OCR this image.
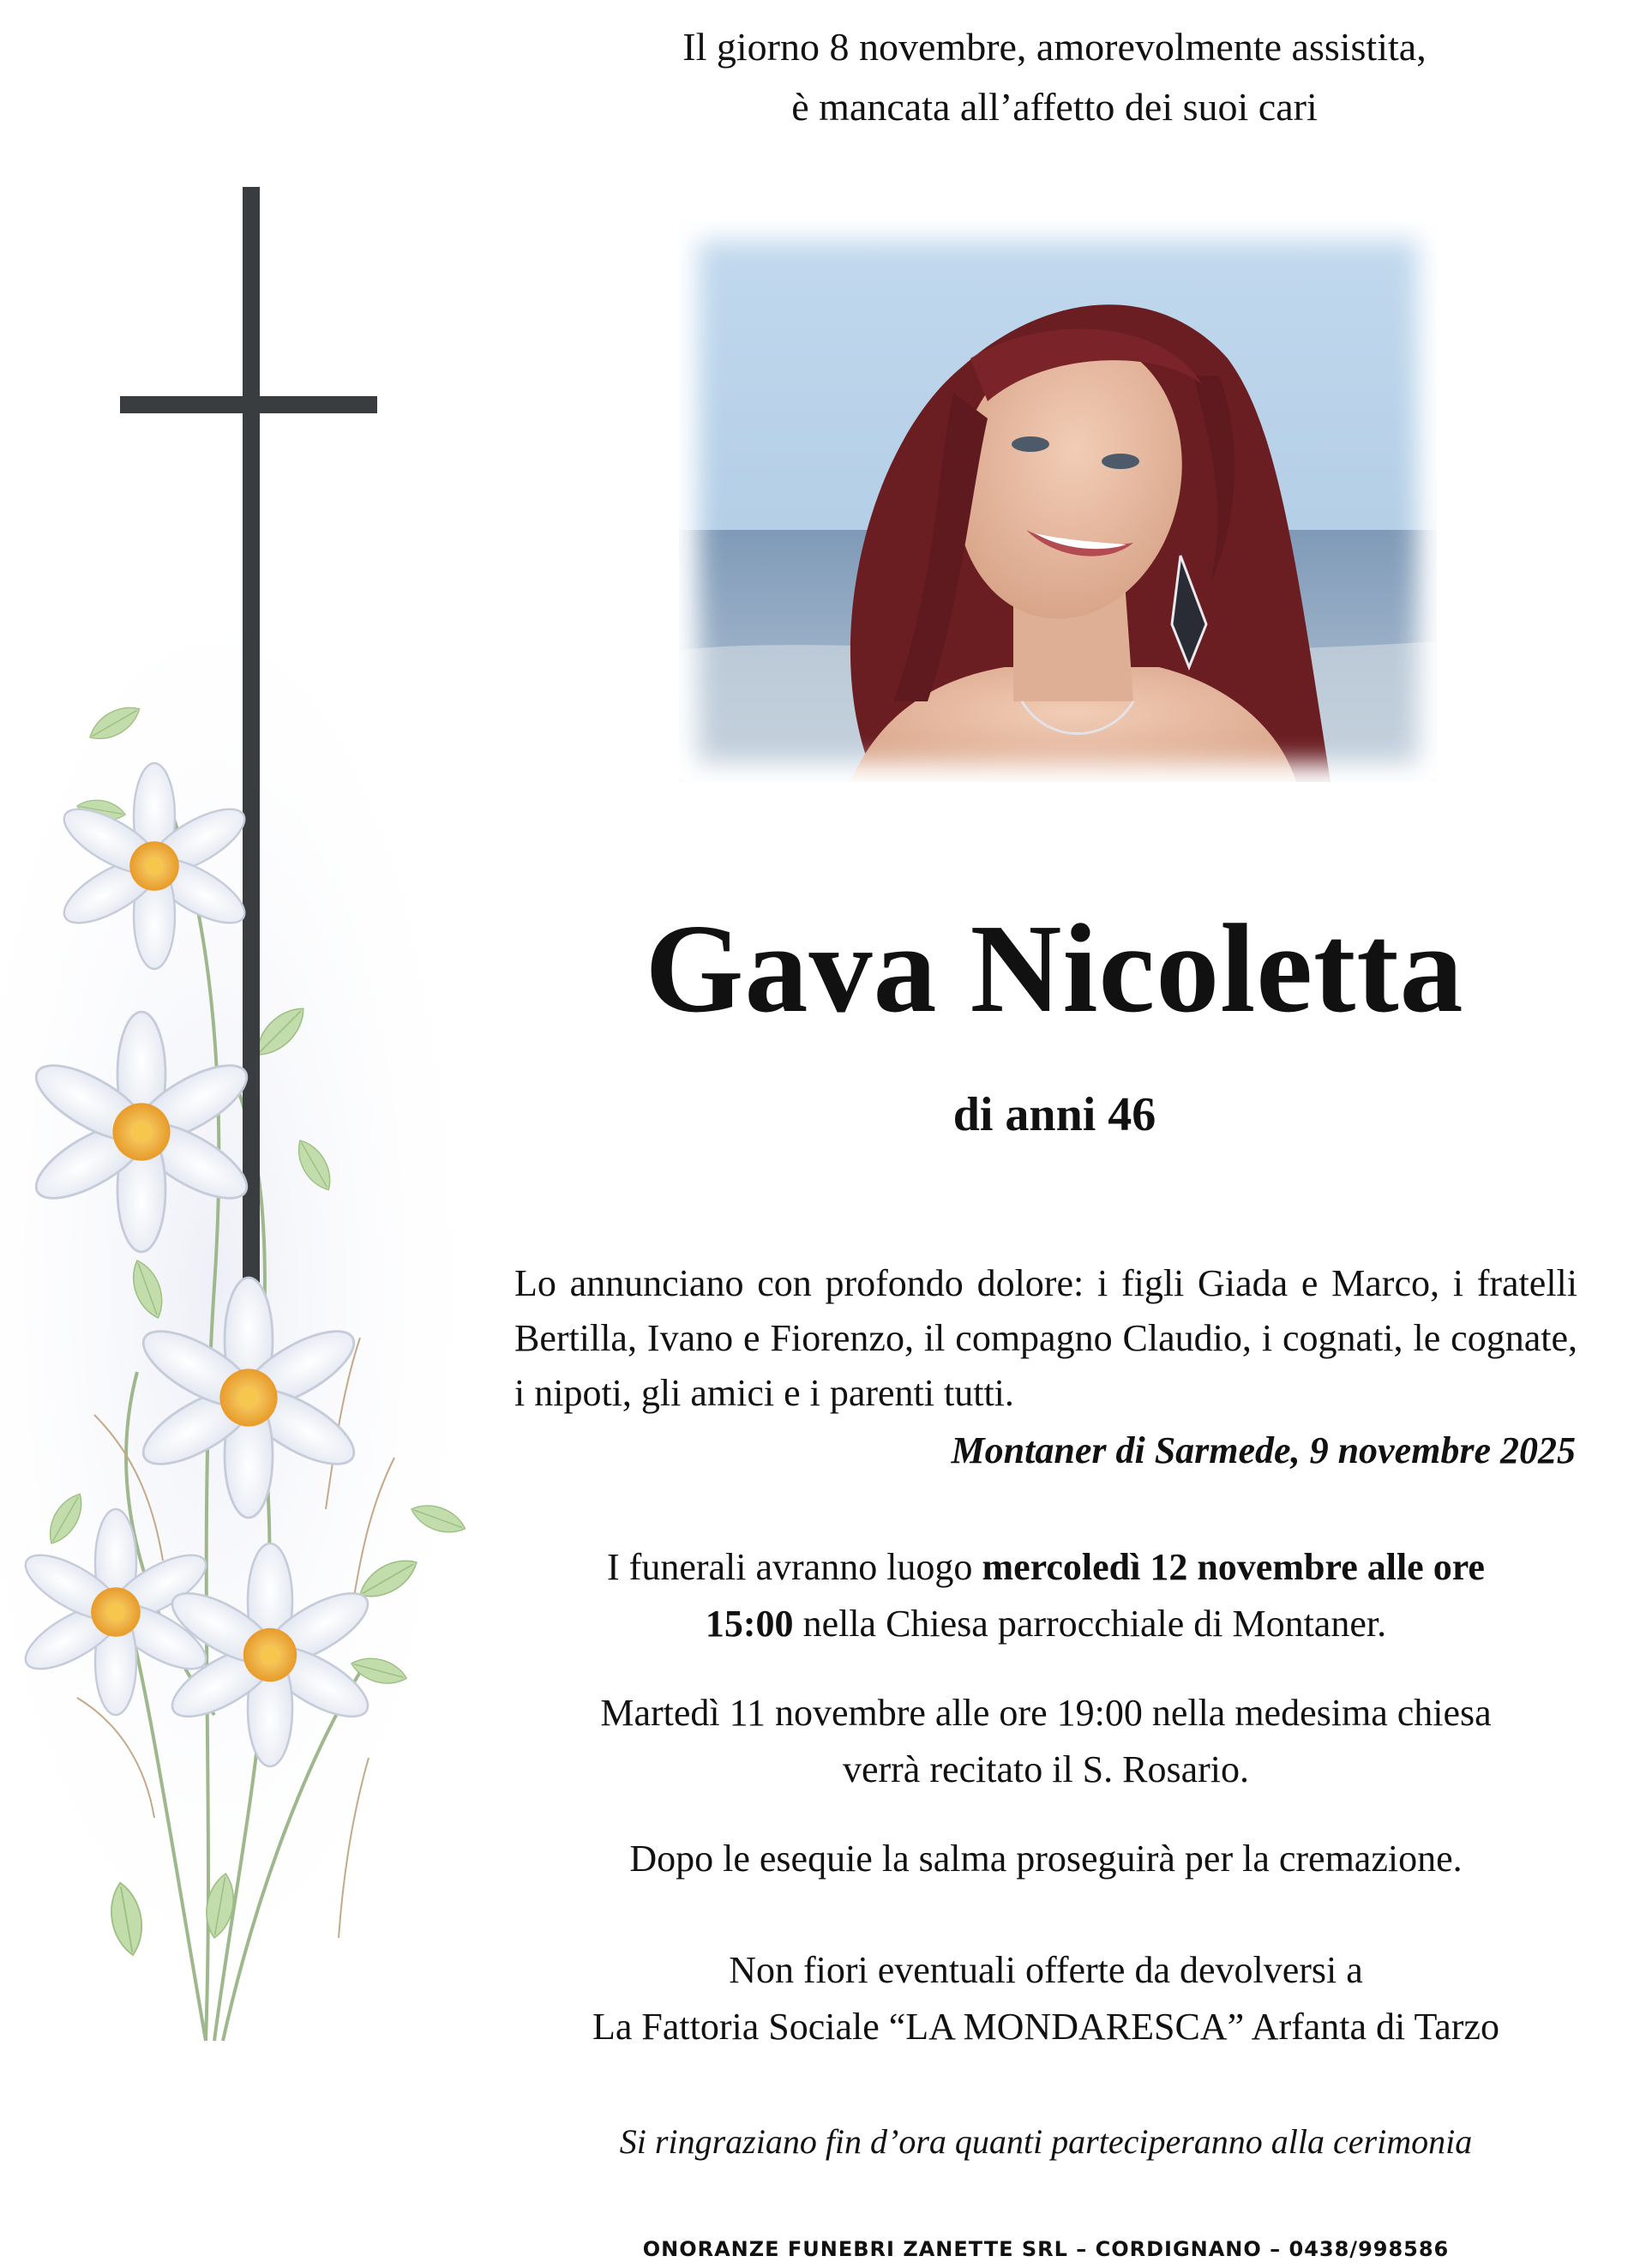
Il giorno 8 novembre, amorevolmente assistita,
è mancata all’affetto dei suoi cari
Gava Nicoletta
di anni 46
Lo annunciano con profondo dolore: i figli Giada e Marco, i fratelli Bertilla, Ivano e Fiorenzo, il compagno Claudio, i cognati, le cognate, i nipoti, gli amici e i parenti tutti.
Montaner di Sarmede, 9 novembre 2025
I funerali avranno luogo mercoledì 12 novembre alle ore
15:00 nella Chiesa parrocchiale di Montaner.
Martedì 11 novembre alle ore 19:00 nella medesima chiesa
verrà recitato il S. Rosario.
Dopo le esequie la salma proseguirà per la cremazione.
Non fiori eventuali offerte da devolversi a
La Fattoria Sociale “LA MONDARESCA” Arfanta di Tarzo
Si ringraziano fin d’ora quanti parteciperanno alla cerimonia
ONORANZE FUNEBRI ZANETTE SRL – CORDIGNANO – 0438/998586
